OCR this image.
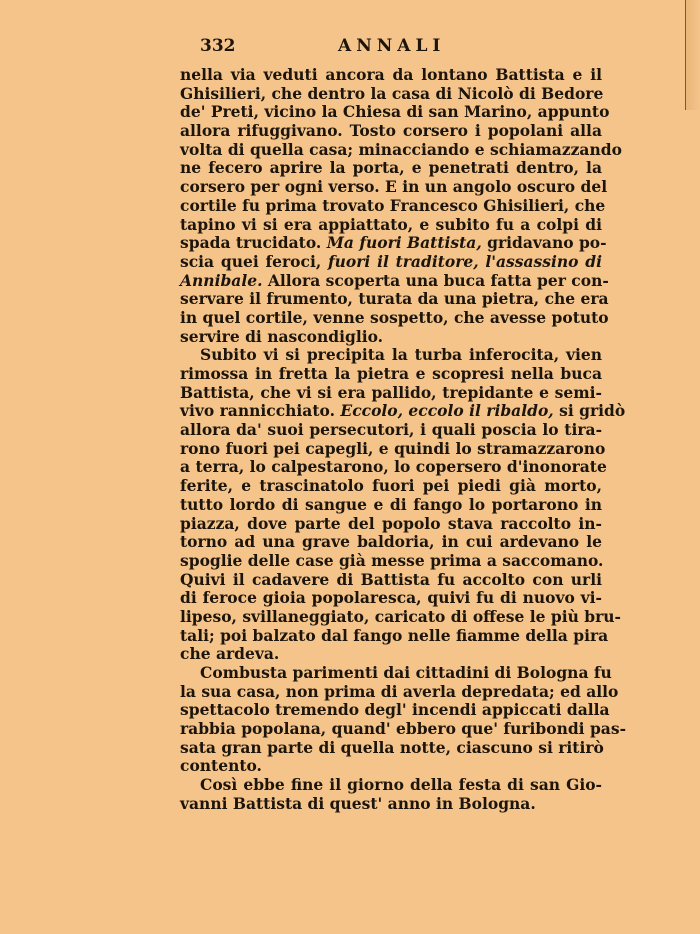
332	ANNALI
nella via veduti ancora da lontano Battista e il
Ghisilieri, che dentro la casa di Nicolò di Bedore
de' Preti, vicino la Chiesa di san Marino, appunto
allora rifuggivano. Tosto corsero i popolani alla
volta di quella casa; minacciando e schiamazzando
ne fecero aprire la porta, e penetrati dentro, la
corsero per ogni verso. E in un angolo oscuro del
cortile fu prima trovato Francesco Ghisilieri, che
tapino vi si era appiattato, e subito fu a colpi di
spada trucidato. Ma fuori Battista, gridavano po-
scia quei feroci, fuori il traditore, l'assassino di
Annibale. Allora scoperta una buca fatta per con-
servare il frumento, turata da una pietra, che era
in quel cortile, venne sospetto, che avesse potuto
servire di nascondiglio.
Subito vi si precipita la turba inferocita, vien
rimossa in fretta la pietra e scopresi nella buca
Battista, che vi si era pallido, trepidante e semi-
vivo rannicchiato. Eccolo, eccolo il ribaldo, si gridò
allora da' suoi persecutori, i quali poscia lo tira-
rono fuori pei capegli, e quindi lo stramazzarono
a terra, lo calpestarono, lo copersero d'inonorate
ferite, e trascinatolo fuori pei piedi già morto,
tutto lordo di sangue e di fango lo portarono in
piazza, dove parte del popolo stava raccolto in-
torno ad una grave baldoria, in cui ardevano le
spoglie delle case già messe prima a saccomano.
Quivi il cadavere di Battista fu accolto con urli
di feroce gioia popolaresca, quivi fu di nuovo vi-
lipeso, svillaneggiato, caricato di offese le più bru-
tali; poi balzato dal fango nelle fiamme della pira
che ardeva.
Combusta parimenti dai cittadini di Bologna fu
la sua casa, non prima di averla depredata; ed allo
spettacolo tremendo degl' incendi appiccati dalla
rabbia popolana, quand' ebbero que' furibondi pas-
sata gran parte di quella notte, ciascuno si ritirò
contento.
Così ebbe fine il giorno della festa di san Gio-
vanni Battista di quest' anno in Bologna.
